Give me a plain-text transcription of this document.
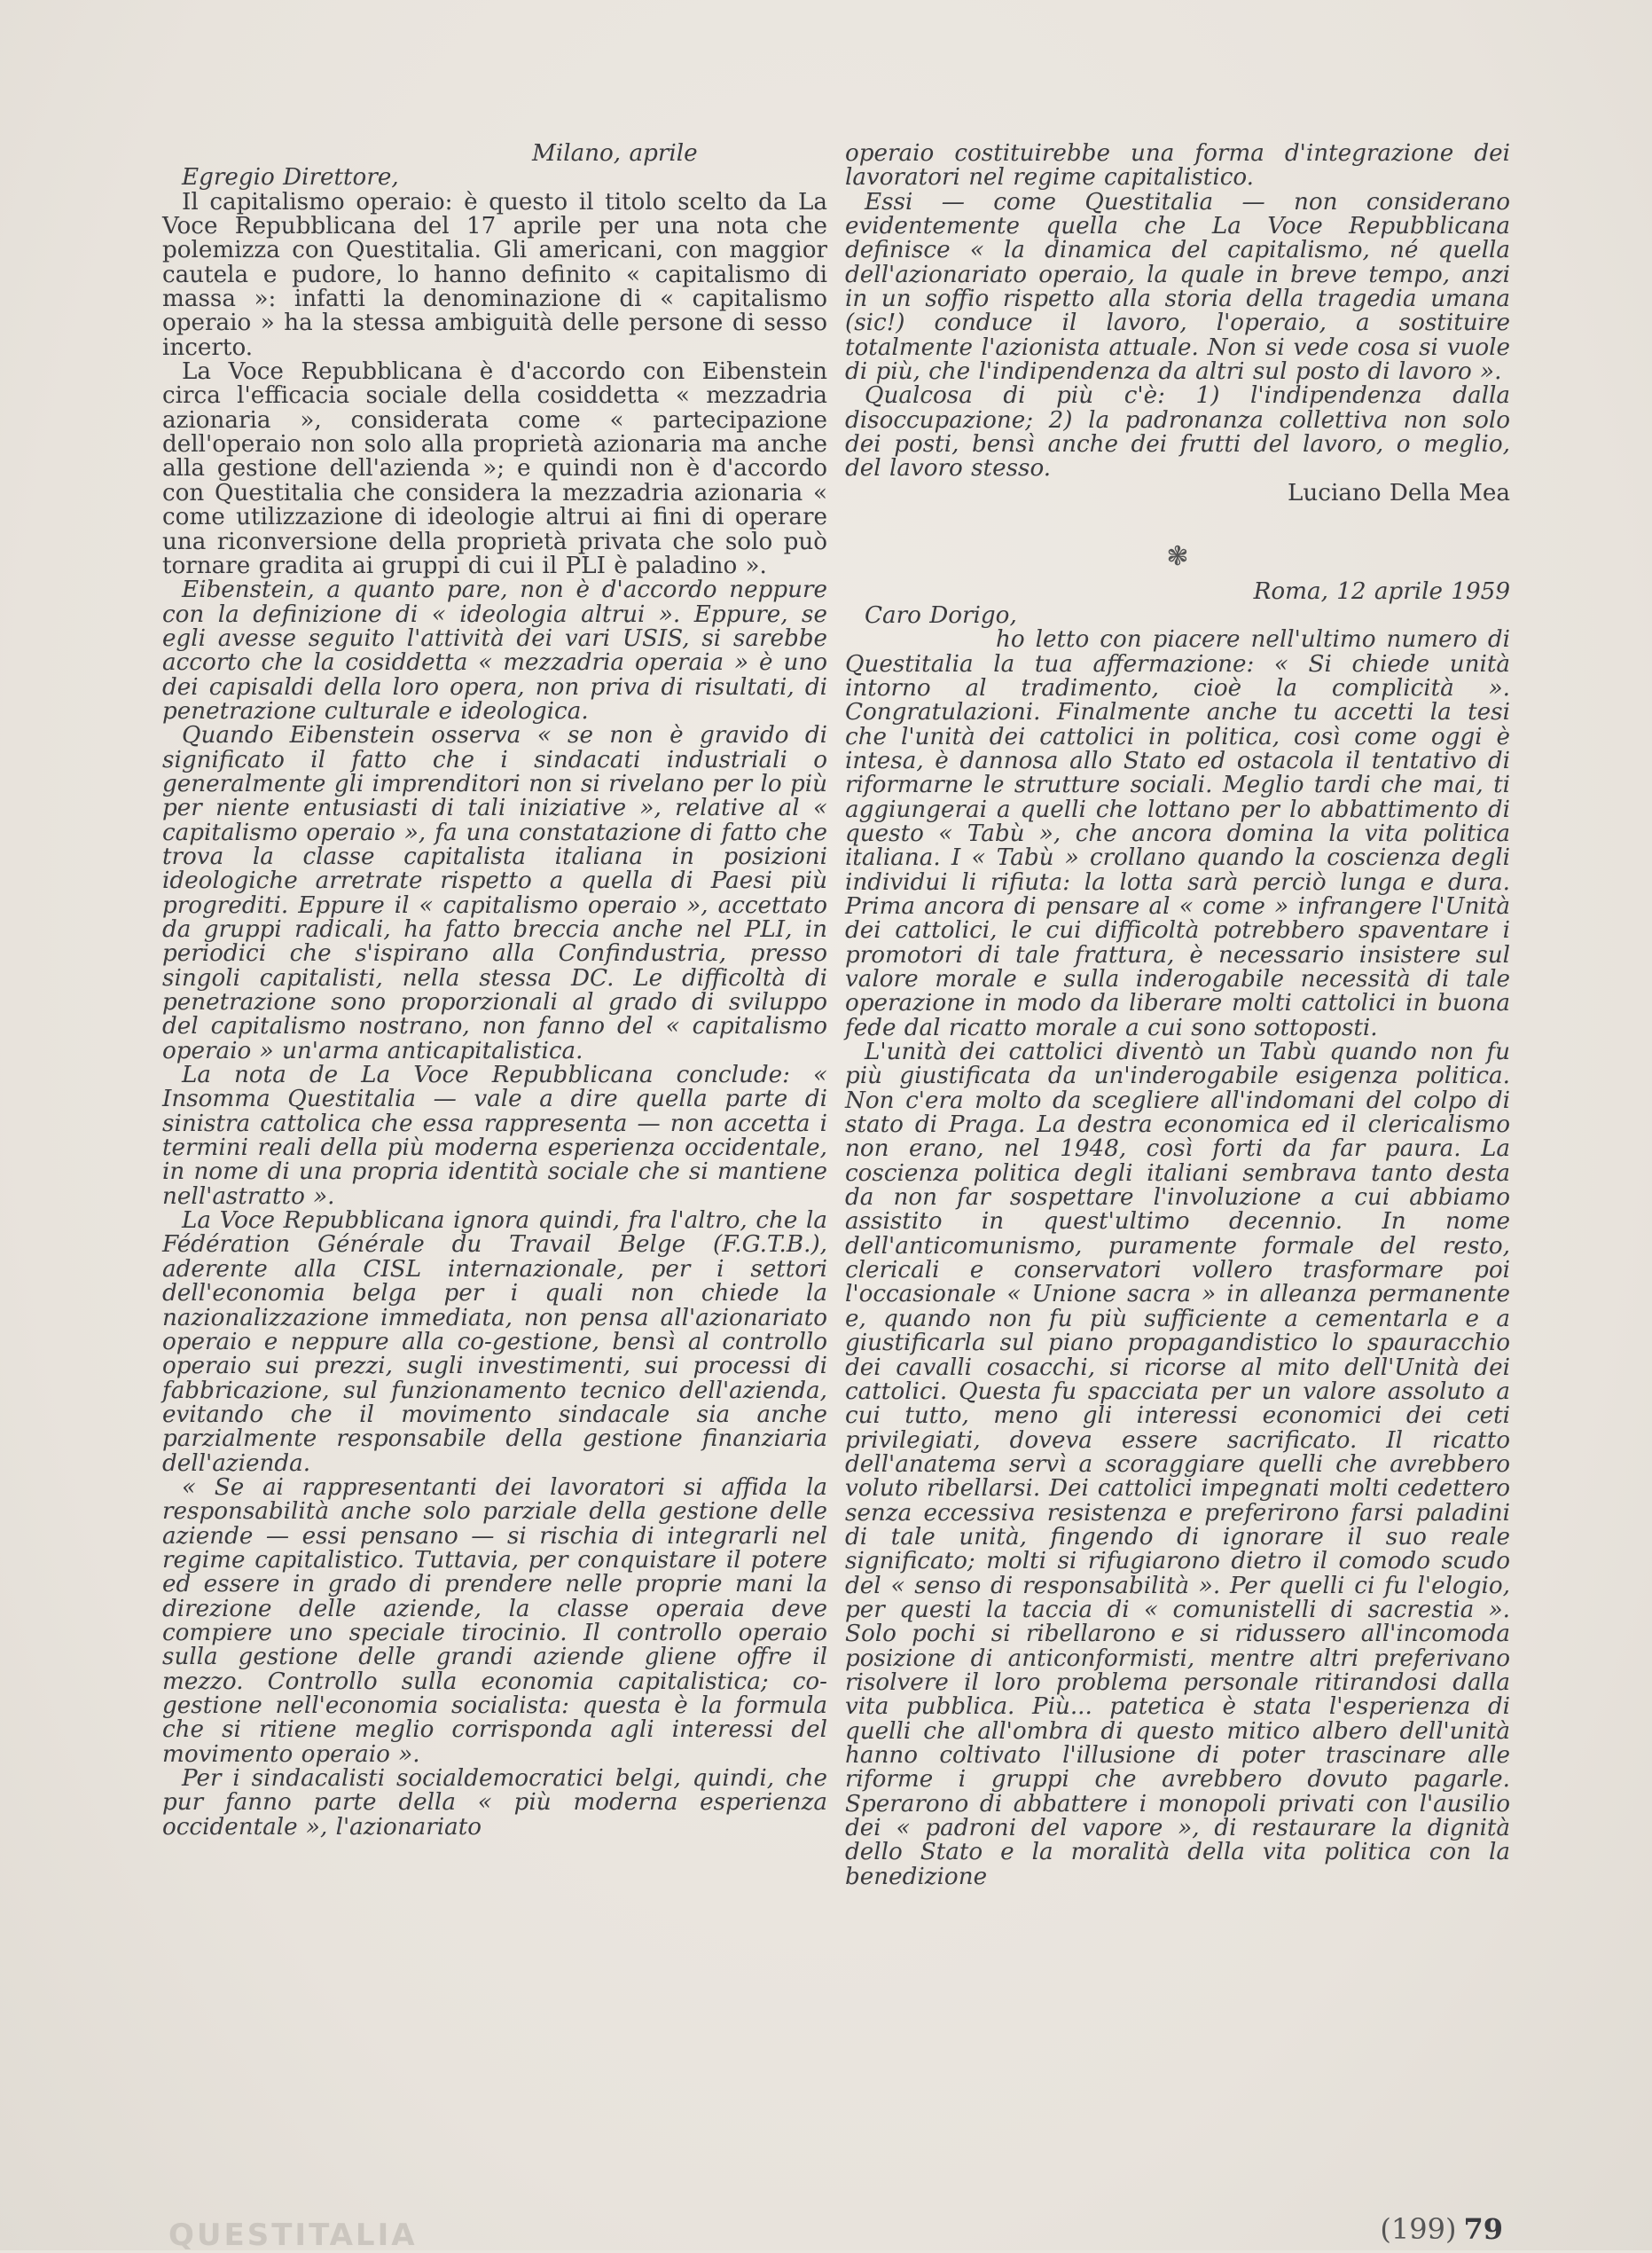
Milano, aprile

Egregio Direttore,

Il capitalismo operaio: è questo il titolo scelto da La Voce Repubblicana del 17 aprile per una nota che polemizza con Questitalia. Gli americani, con maggior cautela e pudore, lo hanno definito « capitalismo di massa »: infatti la denominazione di « capitalismo operaio » ha la stessa ambiguità delle persone di sesso incerto.

La Voce Repubblicana è d'accordo con Eibenstein circa l'efficacia sociale della cosiddetta « mezzadria azionaria », considerata come « partecipazione dell'operaio non solo alla proprietà azionaria ma anche alla gestione dell'azienda »; e quindi non è d'accordo con Questitalia che considera la mezzadria azionaria « come utilizzazione di ideologie altrui ai fini di operare una riconversione della proprietà privata che solo può tornare gradita ai gruppi di cui il PLI è paladino ».

Eibenstein, a quanto pare, non è d'accordo neppure con la definizione di « ideologia altrui ». Eppure, se egli avesse seguito l'attività dei vari USIS, si sarebbe accorto che la cosiddetta « mezzadria operaia » è uno dei capisaldi della loro opera, non priva di risultati, di penetrazione culturale e ideologica.

Quando Eibenstein osserva « se non è gravido di significato il fatto che i sindacati industriali o generalmente gli imprenditori non si rivelano per lo più per niente entusiasti di tali iniziative », relative al « capitalismo operaio », fa una constatazione di fatto che trova la classe capitalista italiana in posizioni ideologiche arretrate rispetto a quella di Paesi più progrediti. Eppure il « capitalismo operaio », accettato da gruppi radicali, ha fatto breccia anche nel PLI, in periodici che s'ispirano alla Confindustria, presso singoli capitalisti, nella stessa DC. Le difficoltà di penetrazione sono proporzionali al grado di sviluppo del capitalismo nostrano, non fanno del « capitalismo operaio » un'arma anticapitalistica.

La nota de La Voce Repubblicana conclude: « Insomma Questitalia — vale a dire quella parte di sinistra cattolica che essa rappresenta — non accetta i termini reali della più moderna esperienza occidentale, in nome di una propria identità sociale che si mantiene nell'astratto ».

La Voce Repubblicana ignora quindi, fra l'altro, che la Fédération Générale du Travail Belge (F.G.T.B.), aderente alla CISL internazionale, per i settori dell'economia belga per i quali non chiede la nazionalizzazione immediata, non pensa all'azionariato operaio e neppure alla co-gestione, bensì al controllo operaio sui prezzi, sugli investimenti, sui processi di fabbricazione, sul funzionamento tecnico dell'azienda, evitando che il movimento sindacale sia anche parzialmente responsabile della gestione finanziaria dell'azienda.

« Se ai rappresentanti dei lavoratori si affida la responsabilità anche solo parziale della gestione delle aziende — essi pensano — si rischia di integrarli nel regime capitalistico. Tuttavia, per conquistare il potere ed essere in grado di prendere nelle proprie mani la direzione delle aziende, la classe operaia deve compiere uno speciale tirocinio. Il controllo operaio sulla gestione delle grandi aziende gliene offre il mezzo. Controllo sulla economia capitalistica; co-gestione nell'economia socialista: questa è la formula che si ritiene meglio corrisponda agli interessi del movimento operaio ».

Per i sindacalisti socialdemocratici belgi, quindi, che pur fanno parte della « più moderna esperienza occidentale », l'azionariato

operaio costituirebbe una forma d'integrazione dei lavoratori nel regime capitalistico.

Essi — come Questitalia — non considerano evidentemente quella che La Voce Repubblicana definisce « la dinamica del capitalismo, né quella dell'azionariato operaio, la quale in breve tempo, anzi in un soffio rispetto alla storia della tragedia umana (sic!) conduce il lavoro, l'operaio, a sostituire totalmente l'azionista attuale. Non si vede cosa si vuole di più, che l'indipendenza da altri sul posto di lavoro ».

Qualcosa di più c'è: 1) l'indipendenza dalla disoccupazione; 2) la padronanza collettiva non solo dei posti, bensì anche dei frutti del lavoro, o meglio, del lavoro stesso.

Luciano Della Mea

❃

Roma, 12 aprile 1959

Caro Dorigo,

ho letto con piacere nell'ultimo numero di Questitalia la tua affermazione: « Si chiede unità intorno al tradimento, cioè la complicità ». Congratulazioni. Finalmente anche tu accetti la tesi che l'unità dei cattolici in politica, così come oggi è intesa, è dannosa allo Stato ed ostacola il tentativo di riformarne le strutture sociali. Meglio tardi che mai, ti aggiungerai a quelli che lottano per lo abbattimento di questo « Tabù », che ancora domina la vita politica italiana. I « Tabù » crollano quando la coscienza degli individui li rifiuta: la lotta sarà perciò lunga e dura. Prima ancora di pensare al « come » infrangere l'Unità dei cattolici, le cui difficoltà potrebbero spaventare i promotori di tale frattura, è necessario insistere sul valore morale e sulla inderogabile necessità di tale operazione in modo da liberare molti cattolici in buona fede dal ricatto morale a cui sono sottoposti.

L'unità dei cattolici diventò un Tabù quando non fu più giustificata da un'inderogabile esigenza politica. Non c'era molto da scegliere all'indomani del colpo di stato di Praga. La destra economica ed il clericalismo non erano, nel 1948, così forti da far paura. La coscienza politica degli italiani sembrava tanto desta da non far sospettare l'involuzione a cui abbiamo assistito in quest'ultimo decennio. In nome dell'anticomunismo, puramente formale del resto, clericali e conservatori vollero trasformare poi l'occasionale « Unione sacra » in alleanza permanente e, quando non fu più sufficiente a cementarla e a giustificarla sul piano propagandistico lo spauracchio dei cavalli cosacchi, si ricorse al mito dell'Unità dei cattolici. Questa fu spacciata per un valore assoluto a cui tutto, meno gli interessi economici dei ceti privilegiati, doveva essere sacrificato. Il ricatto dell'anatema servì a scoraggiare quelli che avrebbero voluto ribellarsi. Dei cattolici impegnati molti cedettero senza eccessiva resistenza e preferirono farsi paladini di tale unità, fingendo di ignorare il suo reale significato; molti si rifugiarono dietro il comodo scudo del « senso di responsabilità ». Per quelli ci fu l'elogio, per questi la taccia di « comunistelli di sacrestia ». Solo pochi si ribellarono e si ridussero all'incomoda posizione di anticonformisti, mentre altri preferivano risolvere il loro problema personale ritirandosi dalla vita pubblica. Più... patetica è stata l'esperienza di quelli che all'ombra di questo mitico albero dell'unità hanno coltivato l'illusione di poter trascinare alle riforme i gruppi che avrebbero dovuto pagarle. Sperarono di abbattere i monopoli privati con l'ausilio dei « padroni del vapore », di restaurare la dignità dello Stato e la moralità della vita politica con la benedizione

QUESTITALIA	(199) 79
